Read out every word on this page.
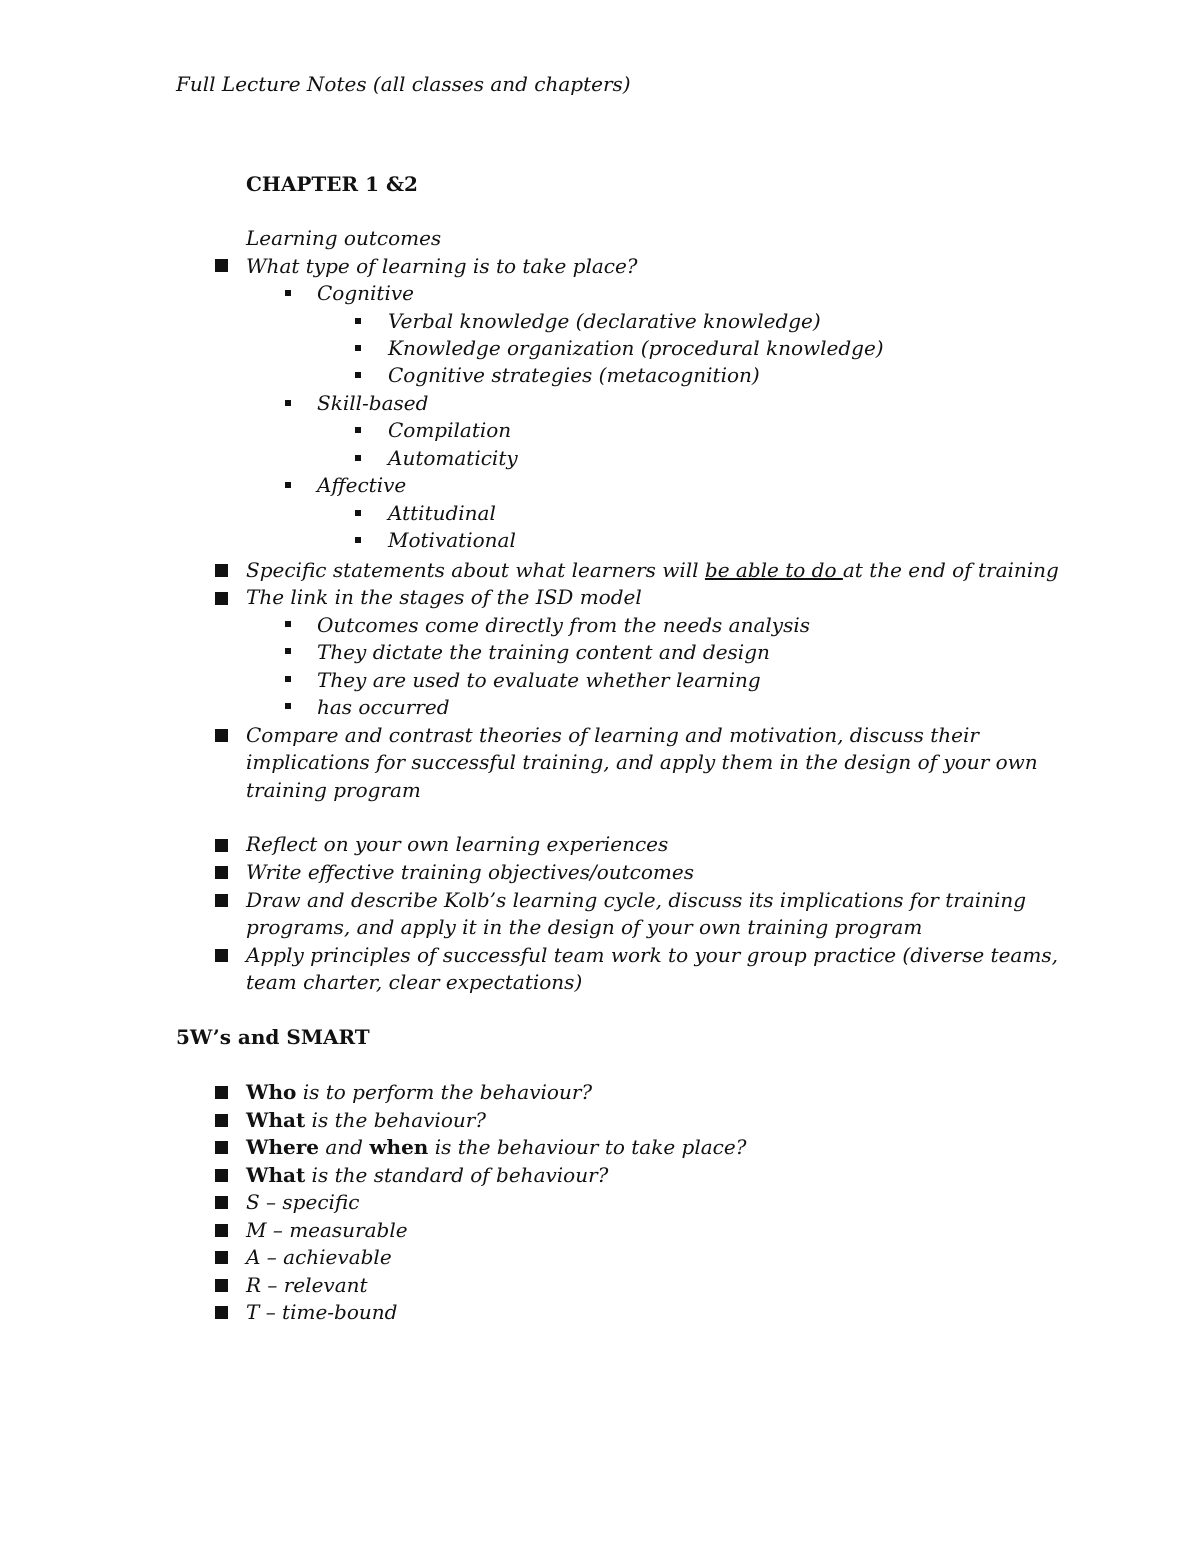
Full Lecture Notes (all classes and chapters)
CHAPTER 1 &2
Learning outcomes
What type of learning is to take place?
Cognitive
Verbal knowledge (declarative knowledge)
Knowledge organization (procedural knowledge)
Cognitive strategies (metacognition)
Skill-based
Compilation
Automaticity
Affective
Attitudinal
Motivational
Specific statements about what learners will be able to do at the end of training
The link in the stages of the ISD model
Outcomes come directly from the needs analysis
They dictate the training content and design
They are used to evaluate whether learning
has occurred
Compare and contrast theories of learning and motivation, discuss their
implications for successful training, and apply them in the design of your own
training program
Reflect on your own learning experiences
Write effective training objectives/outcomes
Draw and describe Kolb’s learning cycle, discuss its implications for training
programs, and apply it in the design of your own training program
Apply principles of successful team work to your group practice (diverse teams,
team charter, clear expectations)
5W’s and SMART
Who is to perform the behaviour?
What is the behaviour?
Where and when is the behaviour to take place?
What is the standard of behaviour?
S – specific
M – measurable
A – achievable
R – relevant
T – time-bound
